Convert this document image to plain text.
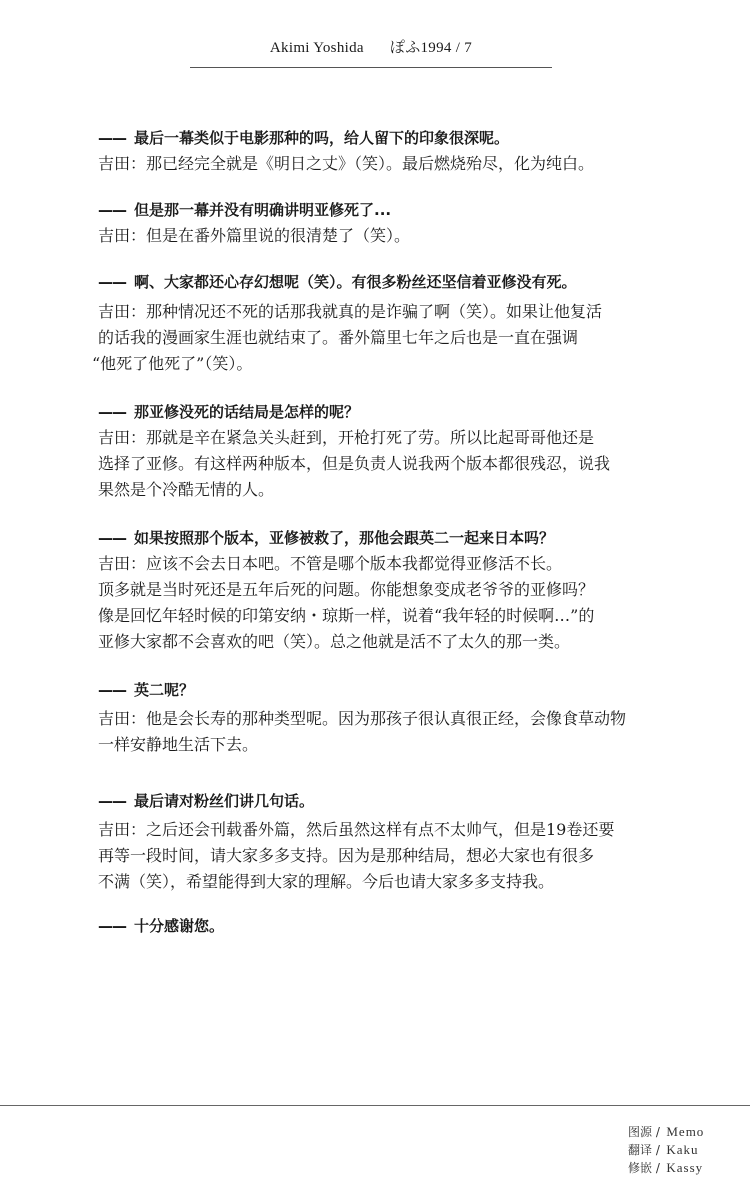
Akimi Yoshida ぽふ1994 / 7

—— 最后一幕类似于电影那种的吗，给人留下的印象很深呢。

吉田：那已经完全就是《明日之丈》（笑）。最后燃烧殆尽，化为纯白。

—— 但是那一幕并没有明确讲明亚修死了...

吉田：但是在番外篇里说的很清楚了（笑）。

—— 啊、大家都还心存幻想呢（笑）。有很多粉丝还坚信着亚修没有死。

吉田：那种情况还不死的话那我就真的是诈骗了啊（笑）。如果让他复活
的话我的漫画家生涯也就结束了。番外篇里七年之后也是一直在强调
“他死了他死了”（笑）。

—— 那亚修没死的话结局是怎样的呢？

吉田：那就是辛在紧急关头赶到，开枪打死了劳。所以比起哥哥他还是
选择了亚修。有这样两种版本，但是负责人说我两个版本都很残忍，说我
果然是个冷酷无情的人。

—— 如果按照那个版本，亚修被救了，那他会跟英二一起来日本吗？

吉田：应该不会去日本吧。不管是哪个版本我都觉得亚修活不长。
顶多就是当时死还是五年后死的问题。你能想象变成老爷爷的亚修吗？
像是回忆年轻时候的印第安纳・琼斯一样，说着“我年轻的时候啊…”的
亚修大家都不会喜欢的吧（笑）。总之他就是活不了太久的那一类。

—— 英二呢？

吉田：他是会长寿的那种类型呢。因为那孩子很认真很正经，会像食草动物
一样安静地生活下去。

—— 最后请对粉丝们讲几句话。

吉田：之后还会刊载番外篇，然后虽然这样有点不太帅气，但是19卷还要
再等一段时间，请大家多多支持。因为是那种结局，想必大家也有很多
不满（笑），希望能得到大家的理解。今后也请大家多多支持我。

—— 十分感谢您。

图源 / Memo
翻译 / Kaku
修嵌 / Kassy
